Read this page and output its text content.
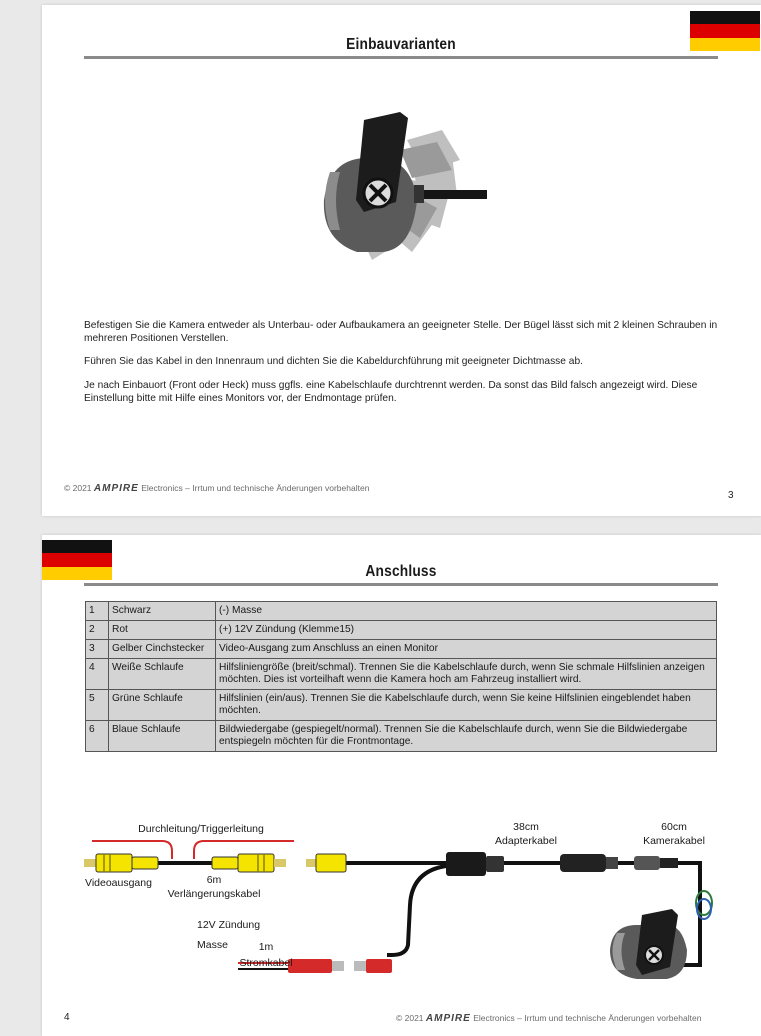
Einbauvarianten
Befestigen Sie die Kamera entweder als Unterbau- oder Aufbaukamera an geeigneter Stelle. Der Bügel lässt sich mit 2 kleinen Schrauben in mehreren Positionen Verstellen.
Führen Sie das Kabel in den Innenraum und dichten Sie die Kabeldurchführung mit geeigneter Dichtmasse ab.
Je nach Einbauort (Front oder Heck) muss ggfls. eine Kabelschlaufe durchtrennt werden. Da sonst das Bild falsch angezeigt wird. Diese Einstellung bitte mit Hilfe eines Monitors vor, der Endmontage prüfen.
© 2021 AMPIRE Electronics – Irrtum und technische Änderungen vorbehalten
3
Anschluss
1	Schwarz	(-) Masse
2	Rot	(+) 12V Zündung (Klemme15)
3	Gelber Cinchstecker	Video-Ausgang zum Anschluss an einen Monitor
4	Weiße Schlaufe	Hilfsliniengröße (breit/schmal). Trennen Sie die Kabelschlaufe durch, wenn Sie schmale Hilfslinien anzeigen möchten. Dies ist vorteilhaft wenn die Kamera hoch am Fahrzeug installiert wird.
5	Grüne Schlaufe	Hilfslinien (ein/aus). Trennen Sie die Kabelschlaufe durch, wenn Sie keine Hilfslinien eingeblendet haben möchten.
6	Blaue Schlaufe	Bildwiedergabe (gespiegelt/normal). Trennen Sie die Kabelschlaufe durch, wenn Sie die Bildwiedergabe entspiegeln möchten für die Frontmontage.
Durchleitung/Triggerleitung
Videoausgang	6m
Verlängerungskabel
38cm
Adapterkabel
60cm
Kamerakabel
12V Zündung
Masse	1m
Stromkabel
4	© 2021 AMPIRE Electronics – Irrtum und technische Änderungen vorbehalten
